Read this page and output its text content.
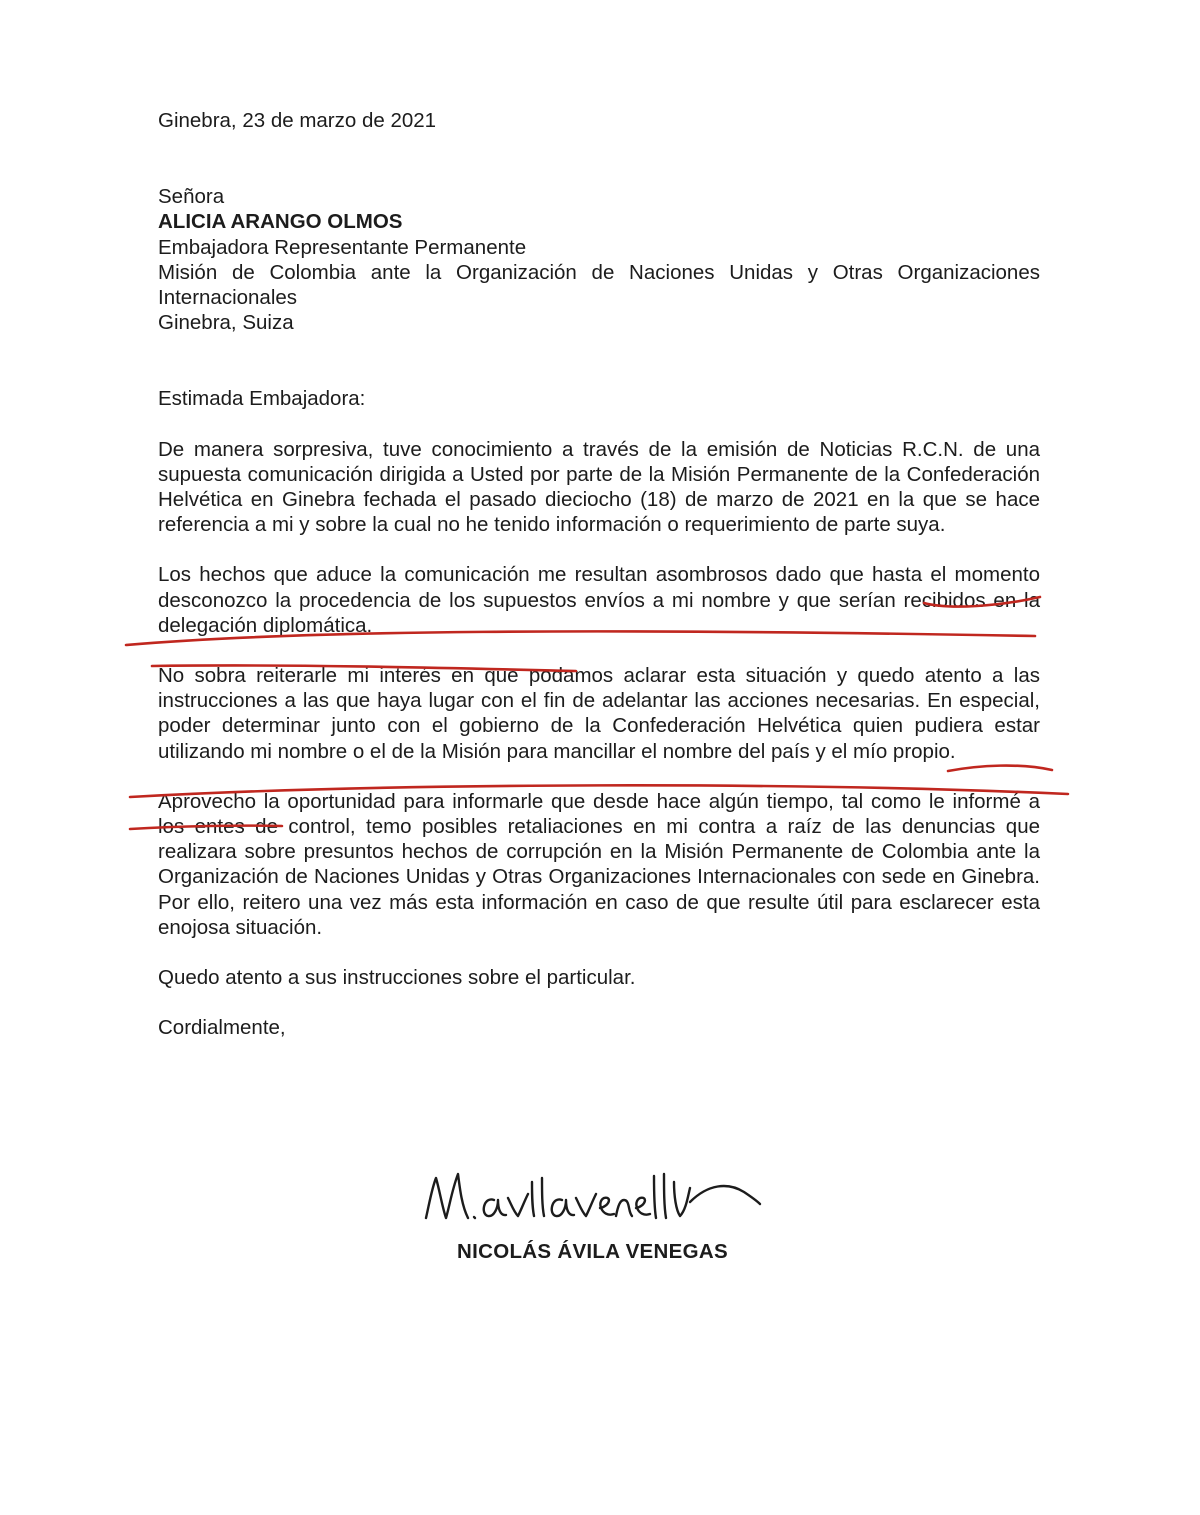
Ginebra, 23 de marzo de 2021

Señora
ALICIA ARANGO OLMOS
Embajadora Representante Permanente
Misión de Colombia ante la Organización de Naciones Unidas y Otras Organizaciones
Internacionales
Ginebra, Suiza

Estimada Embajadora:

De manera sorpresiva, tuve conocimiento a través de la emisión de Noticias R.C.N. de una supuesta comunicación dirigida a Usted por parte de la Misión Permanente de la Confederación Helvética en Ginebra fechada el pasado dieciocho (18) de marzo de 2021 en la que se hace referencia a mi y sobre la cual no he tenido información o requerimiento de parte suya.

Los hechos que aduce la comunicación me resultan asombrosos dado que hasta el momento desconozco la procedencia de los supuestos envíos a mi nombre y que serían recibidos en la delegación diplomática.

No sobra reiterarle mi interés en que podamos aclarar esta situación y quedo atento a las instrucciones a las que haya lugar con el fin de adelantar las acciones necesarias. En especial, poder determinar junto con el gobierno de la Confederación Helvética quien pudiera estar utilizando mi nombre o el de la Misión para mancillar el nombre del país y el mío propio.

Aprovecho la oportunidad para informarle que desde hace algún tiempo, tal como le informé a los entes de control, temo posibles retaliaciones en mi contra a raíz de las denuncias que realizara sobre presuntos hechos de corrupción en la Misión Permanente de Colombia ante la Organización de Naciones Unidas y Otras Organizaciones Internacionales con sede en Ginebra. Por ello, reitero una vez más esta información en caso de que resulte útil para esclarecer esta enojosa situación.

Quedo atento a sus instrucciones sobre el particular.

Cordialmente,

NICOLÁS ÁVILA VENEGAS
